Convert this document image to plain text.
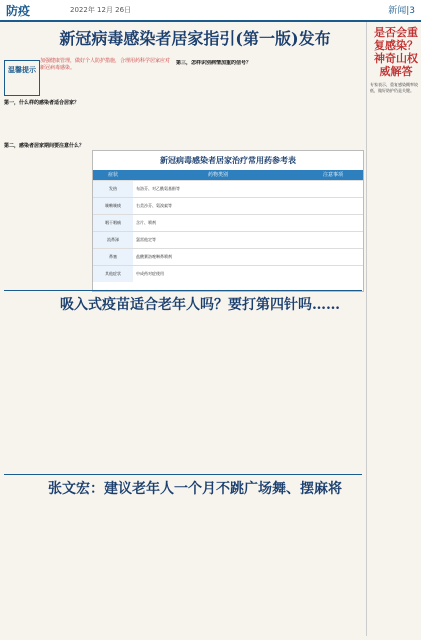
防疫	2022年 12月 26日	新闻|3
新冠病毒感染者居家指引(第一版)发布
温馨提示
第一，什么样的感染者适合居家？
第二，感染者居家期间要注意什么？
加强健康管理，做好个人防护措施，合理用药科学居家应对新冠病毒感染。
第三，怎样识别病情加重的信号？
新冠病毒感染者居家治疗常用药参考表
症状	药物类别	注意事项
发热	布洛芬、对乙酰氨基酚等
咳嗽咳痰	右美沙芬、氨溴索等
咽干咽痛	含片、喷剂
流鼻涕	氯雷他定等
鼻塞	盐酸赛洛唑啉鼻喷剂
其他症状	中成药对症使用
吸入式疫苗适合老年人吗？要打第四针吗……
张文宏：建议老年人一个月不跳广场舞、摆麻将
是否会重复感染？神奇山权威解答
专家表示，重复感染概率较低，做好防护仍是关键。
